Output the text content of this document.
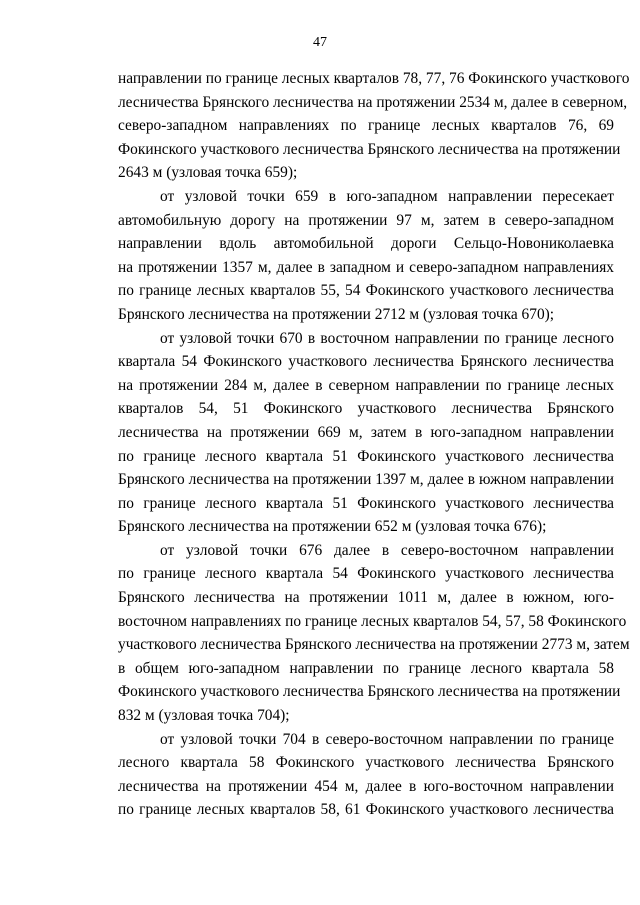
47
направлении по границе лесных кварталов 78, 77, 76 Фокинского участкового
лесничества Брянского лесничества на протяжении 2534 м, далее в северном,
северо-западном направлениях по границе лесных кварталов 76, 69
Фокинского участкового лесничества Брянского лесничества на протяжении
2643 м (узловая точка 659);
от узловой точки 659 в юго-западном направлении пересекает
автомобильную дорогу на протяжении 97 м, затем в северо-западном
направлении вдоль автомобильной дороги Сельцо-Новониколаевка
на протяжении 1357 м, далее в западном и северо-западном направлениях
по границе лесных кварталов 55, 54 Фокинского участкового лесничества
Брянского лесничества на протяжении 2712 м (узловая точка 670);
от узловой точки 670 в восточном направлении по границе лесного
квартала 54 Фокинского участкового лесничества Брянского лесничества
на протяжении 284 м, далее в северном направлении по границе лесных
кварталов 54, 51 Фокинского участкового лесничества Брянского
лесничества на протяжении 669 м, затем в юго-западном направлении
по границе лесного квартала 51 Фокинского участкового лесничества
Брянского лесничества на протяжении 1397 м, далее в южном направлении
по границе лесного квартала 51 Фокинского участкового лесничества
Брянского лесничества на протяжении 652 м (узловая точка 676);
от узловой точки 676 далее в северо-восточном направлении
по границе лесного квартала 54 Фокинского участкового лесничества
Брянского лесничества на протяжении 1011 м, далее в южном, юго-
восточном направлениях по границе лесных кварталов 54, 57, 58 Фокинского
участкового лесничества Брянского лесничества на протяжении 2773 м, затем
в общем юго-западном направлении по границе лесного квартала 58
Фокинского участкового лесничества Брянского лесничества на протяжении
832 м (узловая точка 704);
от узловой точки 704 в северо-восточном направлении по границе
лесного квартала 58 Фокинского участкового лесничества Брянского
лесничества на протяжении 454 м, далее в юго-восточном направлении
по границе лесных кварталов 58, 61 Фокинского участкового лесничества
